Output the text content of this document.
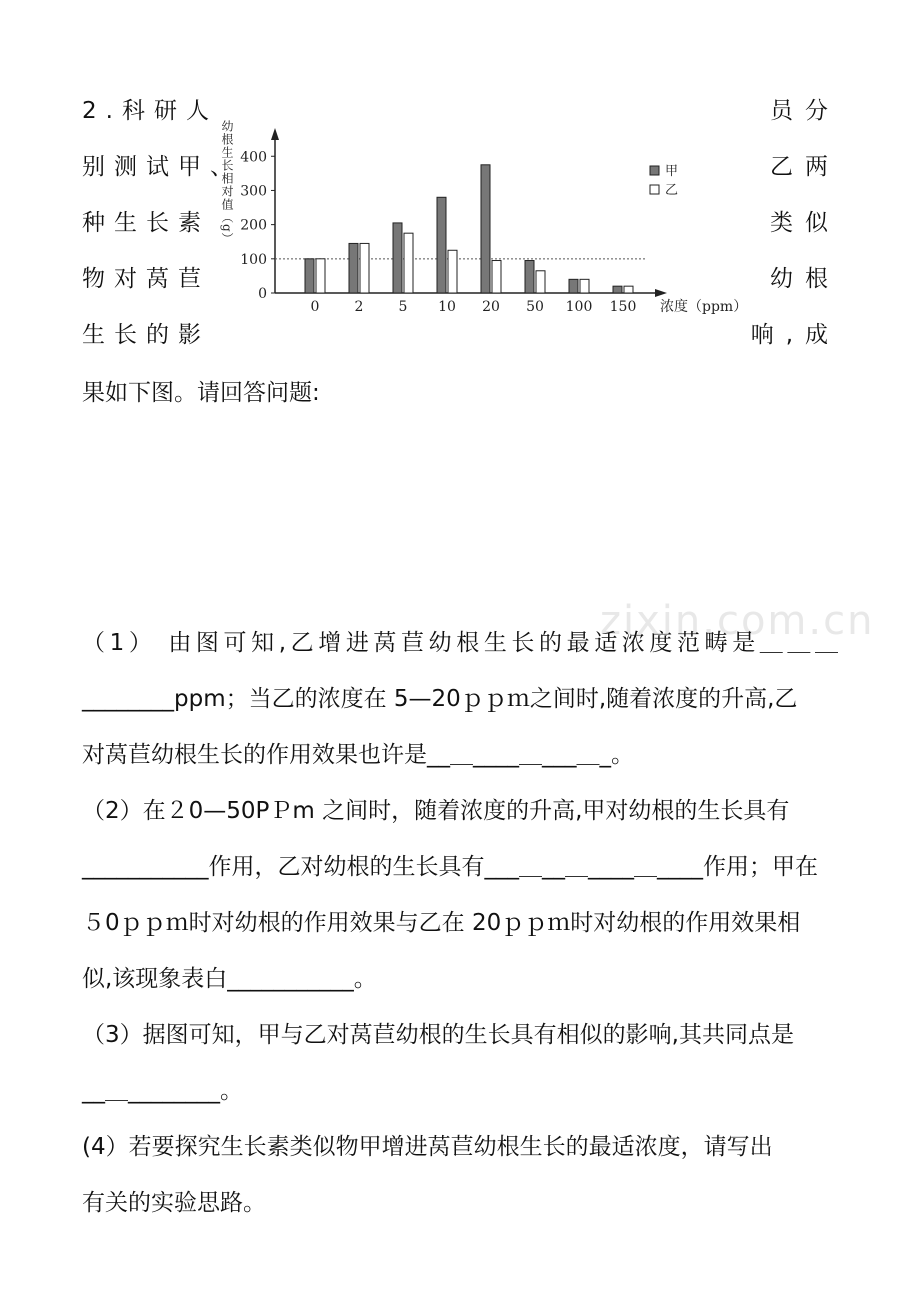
2.科研人
别测试甲、
种生长素
物对莴苣
生长的影
员分
乙两
类似
幼根
响,成
果如下图。请回答问题:
幼根生长相对值（g）
0
100
200
300
400
0	2	5 10 20 50 100 150 浓度（ppm）
甲
乙
zixin.com.cn
（1） 由图可知,乙增进莴苣幼根生长的最适浓度范畴是＿＿＿
________ppm；当乙的浓度在 5—20ｐｐｍ之间时,随着浓度的升高,乙
对莴苣幼根生长的作用效果也许是__＿____＿___＿_。
（2）在２0—50PＰm 之间时，随着浓度的升高,甲对幼根的生长具有
___________作用，乙对幼根的生长具有___＿__＿____＿____作用；甲在
５0ｐｐｍ时对幼根的作用效果与乙在 20ｐｐｍ时对幼根的作用效果相
似,该现象表白___________。
（3）据图可知，甲与乙对莴苣幼根的生长具有相似的影响,其共同点是
__＿________。
(4）若要探究生长素类似物甲增进莴苣幼根生长的最适浓度，请写出
有关的实验思路。
